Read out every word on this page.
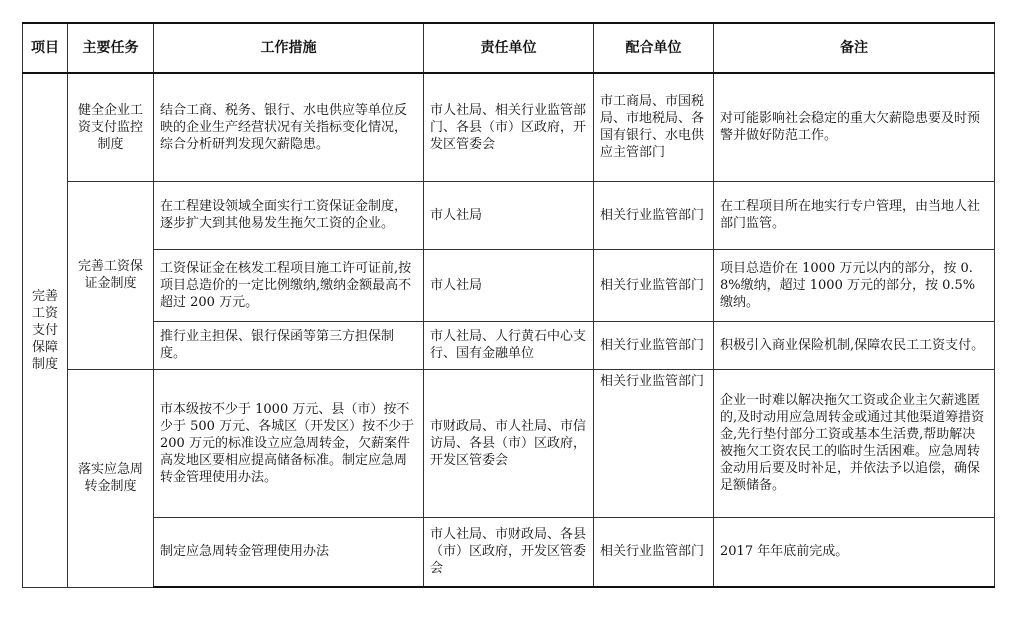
项目	主要任务	工作措施	责任单位	配合单位	备注
完善工资支付保障制度	健全企业工资支付监控制度	结合工商、税务、银行、水电供应等单位反映的企业生产经营状况有关指标变化情况，综合分析研判发现欠薪隐患。	市人社局、相关行业监管部门、各县（市）区政府，开发区管委会	市工商局、市国税局、市地税局、各国有银行、水电供应主管部门	对可能影响社会稳定的重大欠薪隐患要及时预警并做好防范工作。
	完善工资保证金制度	在工程建设领域全面实行工资保证金制度，逐步扩大到其他易发生拖欠工资的企业。	市人社局	相关行业监管部门	在工程项目所在地实行专户管理，由当地人社部门监管。
		工资保证金在核发工程项目施工许可证前,按项目总造价的一定比例缴纳,缴纳金额最高不超过 200 万元。	市人社局	相关行业监管部门	项目总造价在 1000 万元以内的部分，按 0.8%缴纳，超过 1000 万元的部分，按 0.5%缴纳。
		推行业主担保、银行保函等第三方担保制度。	市人社局、人行黄石中心支行、国有金融单位	相关行业监管部门	积极引入商业保险机制,保障农民工工资支付。
	落实应急周转金制度	市本级按不少于 1000 万元、县（市）按不少于 500 万元、各城区（开发区）按不少于 200 万元的标准设立应急周转金，欠薪案件高发地区要相应提高储备标准。制定应急周转金管理使用办法。	市财政局、市人社局、市信访局、各县（市）区政府，开发区管委会	相关行业监管部门	企业一时难以解决拖欠工资或企业主欠薪逃匿的,及时动用应急周转金或通过其他渠道筹措资金,先行垫付部分工资或基本生活费,帮助解决被拖欠工资农民工的临时生活困难。应急周转金动用后要及时补足，并依法予以追偿，确保足额储备。
		制定应急周转金管理使用办法	市人社局、市财政局、各县（市）区政府，开发区管委会	相关行业监管部门	2017 年年底前完成。
